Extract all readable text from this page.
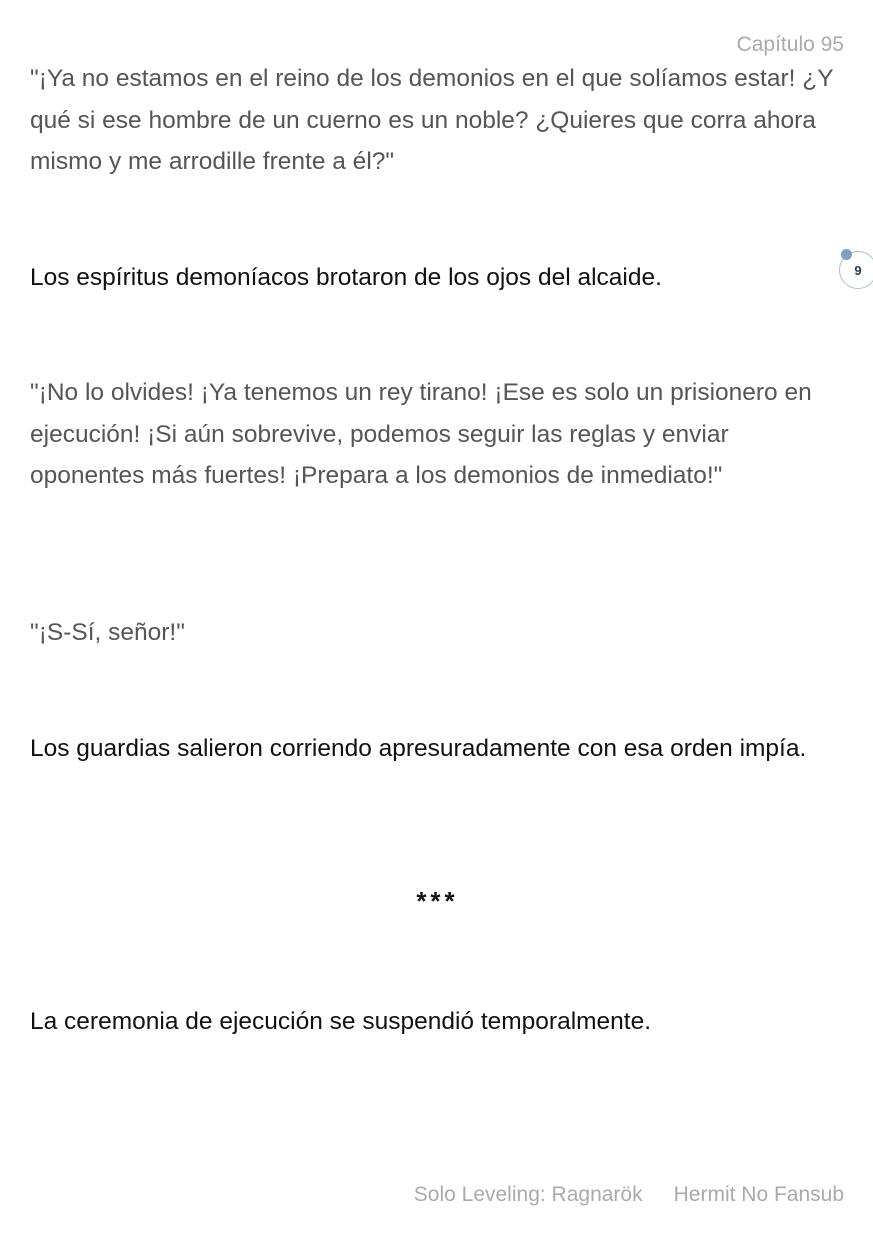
Capítulo 95

"¡Ya no estamos en el reino de los demonios en el que solíamos estar! ¿Y qué si ese hombre de un cuerno es un noble? ¿Quieres que corra ahora mismo y me arrodille frente a él?"

Los espíritus demoníacos brotaron de los ojos del alcaide.

"¡No lo olvides! ¡Ya tenemos un rey tirano! ¡Ese es solo un prisionero en ejecución! ¡Si aún sobrevive, podemos seguir las reglas y enviar oponentes más fuertes! ¡Prepara a los demonios de inmediato!"

"¡S-Sí, señor!"

Los guardias salieron corriendo apresuradamente con esa orden impía.

***

La ceremonia de ejecución se suspendió temporalmente.

9
Solo Leveling: Ragnarök Hermit No Fansub
